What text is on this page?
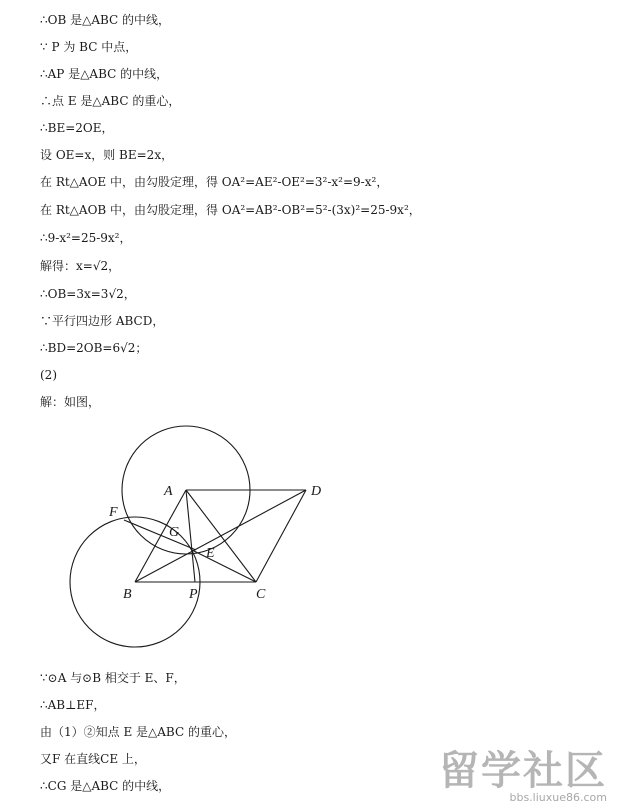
∴OB 是△ABC 的中线，
∵ P 为 BC 中点，
∴AP 是△ABC 的中线，
∴点 E 是△ABC 的重心，
∴BE=2OE，
设 OE=x，则 BE=2x，
在 Rt△AOE 中，由勾股定理，得 OA²=AE²-OE²=3²-x²=9-x²，
在 Rt△AOB 中，由勾股定理，得 OA²=AB²-OB²=5²-(3x)²=25-9x²，
∴9-x²=25-9x²，
解得：x=√2，
∴OB=3x=3√2，
∵平行四边形 ABCD，
∴BD=2OB=6√2；
(2)
解：如图，
A	D
F
G
E
B	P	C
∵⊙A 与⊙B 相交于 E、F，
∴AB⊥EF，
由（1）②知点 E 是△ABC 的重心，
又F 在直线CE 上，
∴CG 是△ABC 的中线，	留学社区
bbs.liuxue86.com
